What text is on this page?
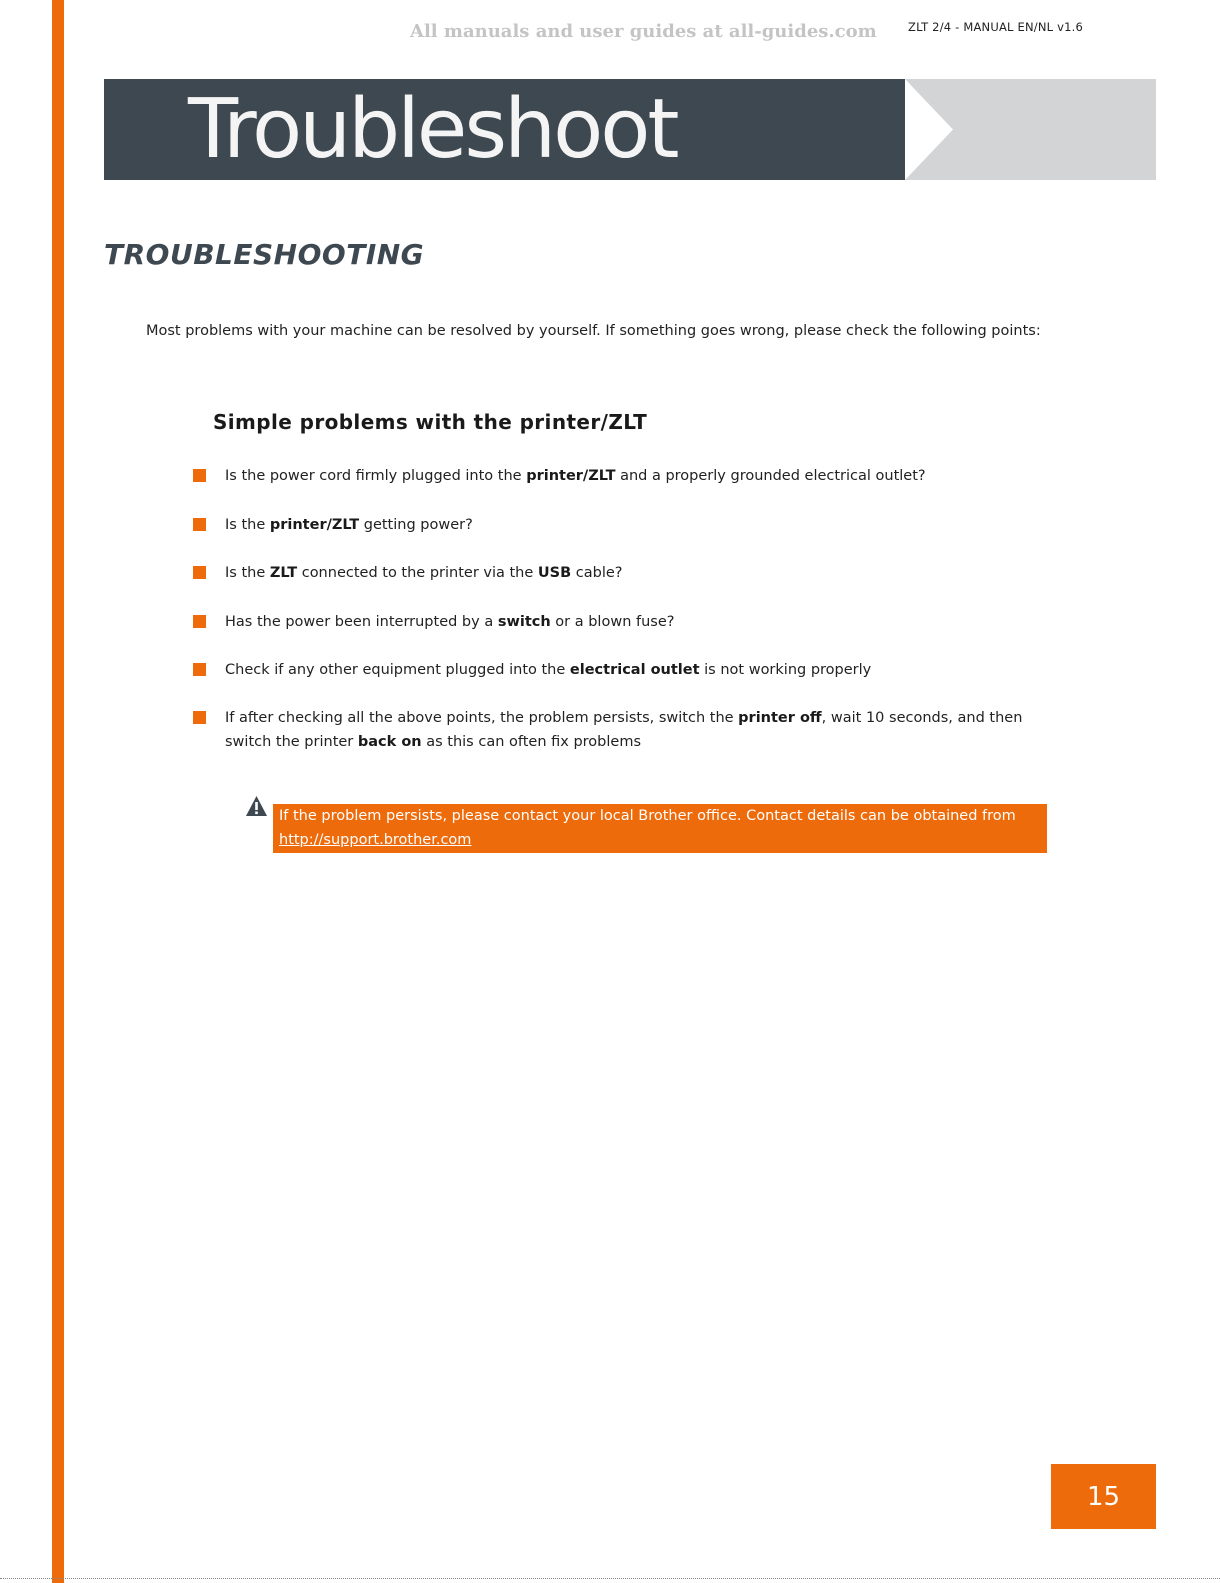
All manuals and user guides at all-guides.com	ZLT 2/4 - MANUAL EN/NL v1.6
Troubleshoot
TROUBLESHOOTING
Most problems with your machine can be resolved by yourself. If something goes wrong, please check the following points:
Simple problems with the printer/ZLT
Is the power cord firmly plugged into the printer/ZLT and a properly grounded electrical outlet?
Is the printer/ZLT getting power?
Is the ZLT connected to the printer via the USB cable?
Has the power been interrupted by a switch or a blown fuse?
Check if any other equipment plugged into the electrical outlet is not working properly
If after checking all the above points, the problem persists, switch the printer off, wait 10 seconds, and then switch the printer back on as this can often fix problems
If the problem persists, please contact your local Brother office. Contact details can be obtained from
http://support.brother.com
15
